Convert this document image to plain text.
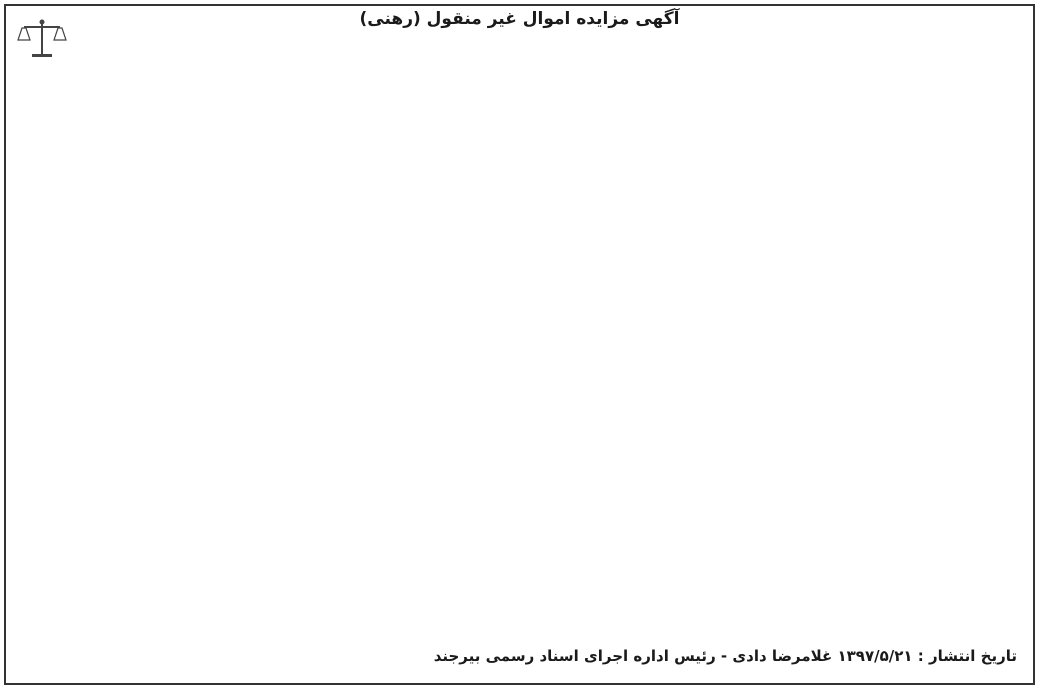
آگهی مزایده اموال غیر منقول (رهنی)
تاریخ انتشار : ۱۳۹۷/۵/۲۱ غلامرضا دادی - رئیس اداره اجرای اسناد رسمی بیرجند
